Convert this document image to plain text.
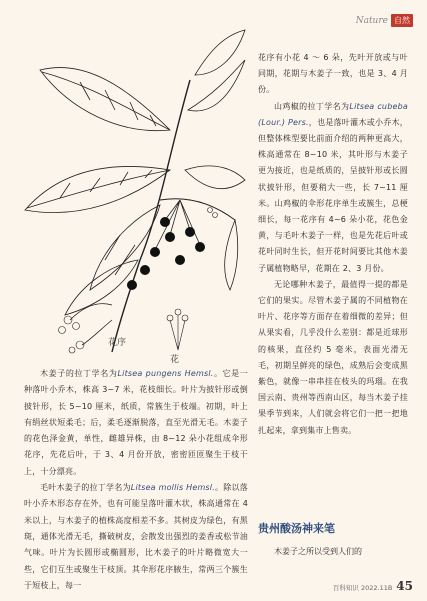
Nature 自然
花序
花

花序有小花 4 ～ 6 朵，先叶开放或与叶同期，花期与木姜子一致，也是 3、4 月份。

山鸡椒的拉丁学名为Litsea cubeba (Lour.) Pers.，也是落叶灌木或小乔木，但整体株型要比前面介绍的两种更高大，株高通常在 8~10 米，其叶形与木姜子更为接近，也是纸质的，呈披针形或长圆状披针形，但要稍大一些，长 7~11 厘米。山鸡椒的伞形花序单生或簇生，总梗细长，每一花序有 4~6 朵小花，花色金黄，与毛叶木姜子一样，也是先花后叶或花叶同时生长，但开花时间要比其他木姜子属植物略早，花期在 2、3 月份。

无论哪种木姜子，最值得一提的都是它们的果实。尽管木姜子属的不同植物在叶片、花序等方面存在着细微的差异；但从果实看，几乎没什么差别：都是近球形的核果，直径约 5 毫米，表面光滑无毛，初期呈鲜亮的绿色，成熟后会变成黑紫色，就像一串串挂在枝头的玛瑙。在我国云南、贵州等西南山区，每当木姜子挂果季节到来，人们就会将它们一把一把地扎起来，拿到集市上售卖。

木姜子的拉丁学名为Litsea pungens Hemsl.。它是一种落叶小乔木，株高 3~7 米，花枝细长。叶片为披针形或倒披针形，长 5~10 厘米，纸质，常簇生于枝端。初期，叶上有绢丝状短柔毛；后，柔毛逐渐脱落，直至光滑无毛。木姜子的花色泽金黄，单性，雌雄异株，由 8~12 朵小花组成伞形花序，先花后叶，于 3、4 月份开放，密密匝匝聚生于枝干上，十分漂亮。

毛叶木姜子的拉丁学名为Litsea mollis Hemsl.。除以落叶小乔木形态存在外，也有可能呈落叶灌木状，株高通常在 4 米以上，与木姜子的植株高度相差不多。其树皮为绿色，有黑斑，通体光滑无毛，撕破树皮，会散发出强烈的姜香或松节油气味。叶片为长圆形或椭圆形，比木姜子的叶片略微宽大一些，它们互生或聚生于枝顶。其伞形花序腋生，常两三个簇生于短枝上，每一

贵州酸汤神来笔
木姜子之所以受到人们的
百科知识 2022.11B 45
